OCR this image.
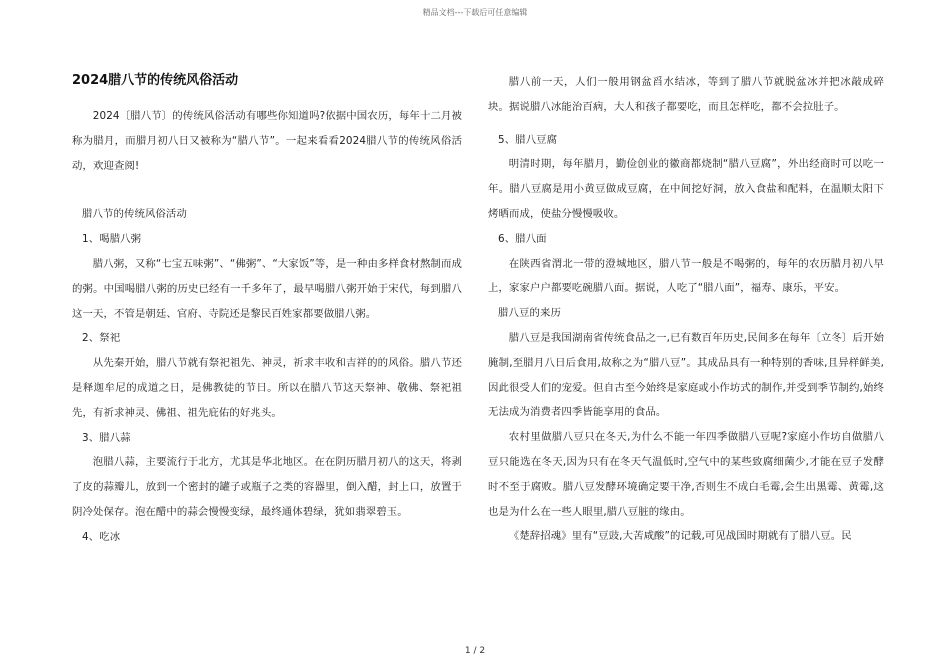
精品文档---下载后可任意编辑
2024腊八节的传统风俗活动

2024〔腊八节〕的传统风俗活动有哪些你知道吗?依据中国农历，每年十二月被称为腊月，而腊月初八日又被称为“腊八节”。一起来看看2024腊八节的传统风俗活动，欢迎查阅!

腊八节的传统风俗活动

1、喝腊八粥

腊八粥，又称“七宝五味粥”、“佛粥”、“大家饭”等，是一种由多样食材熬制而成的粥。中国喝腊八粥的历史已经有一千多年了，最早喝腊八粥开始于宋代，每到腊八这一天，不管是朝廷、官府、寺院还是黎民百姓家都要做腊八粥。

2、祭祀

从先秦开始，腊八节就有祭祀祖先、神灵，祈求丰收和吉祥的的风俗。腊八节还是释迦牟尼的成道之日，是佛教徒的节日。所以在腊八节这天祭神、敬佛、祭祀祖先，有祈求神灵、佛祖、祖先庇佑的好兆头。

3、腊八蒜

泡腊八蒜，主要流行于北方，尤其是华北地区。在在阴历腊月初八的这天，将剥了皮的蒜瓣儿，放到一个密封的罐子或瓶子之类的容器里，倒入醋，封上口，放置于阴冷处保存。泡在醋中的蒜会慢慢变绿，最终通体碧绿，犹如翡翠碧玉。

4、吃冰

腊八前一天，人们一般用钢盆舀水结冰，等到了腊八节就脱盆冰并把冰敲成碎块。据说腊八冰能治百病，大人和孩子都要吃，而且怎样吃，都不会拉肚子。

5、腊八豆腐

明清时期，每年腊月，勤俭创业的徽商都烧制“腊八豆腐”，外出经商时可以吃一年。腊八豆腐是用小黄豆做成豆腐，在中间挖好洞，放入食盐和配料，在温顺太阳下烤晒而成，使盐分慢慢吸收。

6、腊八面

在陕西省渭北一带的澄城地区，腊八节一般是不喝粥的，每年的农历腊月初八早上，家家户户都要吃碗腊八面。据说，人吃了“腊八面”，福寿、康乐，平安。

腊八豆的来历

腊八豆是我国湖南省传统食品之一,已有数百年历史,民间多在每年〔立冬〕后开始腌制,至腊月八日后食用,故称之为“腊八豆”。其成品具有一种特别的香味,且异样鲜美,因此很受人们的宠爱。但自古至今始终是家庭或小作坊式的制作,并受到季节制约,始终无法成为消费者四季皆能享用的食品。

农村里做腊八豆只在冬天,为什么不能一年四季做腊八豆呢?家庭小作坊自做腊八豆只能选在冬天,因为只有在冬天气温低时,空气中的某些致腐细菌少,才能在豆子发酵时不至于腐败。腊八豆发酵环境确定要干净,否则生不成白毛霉,会生出黑霉、黄霉,这也是为什么在一些人眼里,腊八豆脏的缘由。

《楚辞招魂》里有“豆豉,大苦咸酸”的记载,可见战国时期就有了腊八豆。民

1 / 2
